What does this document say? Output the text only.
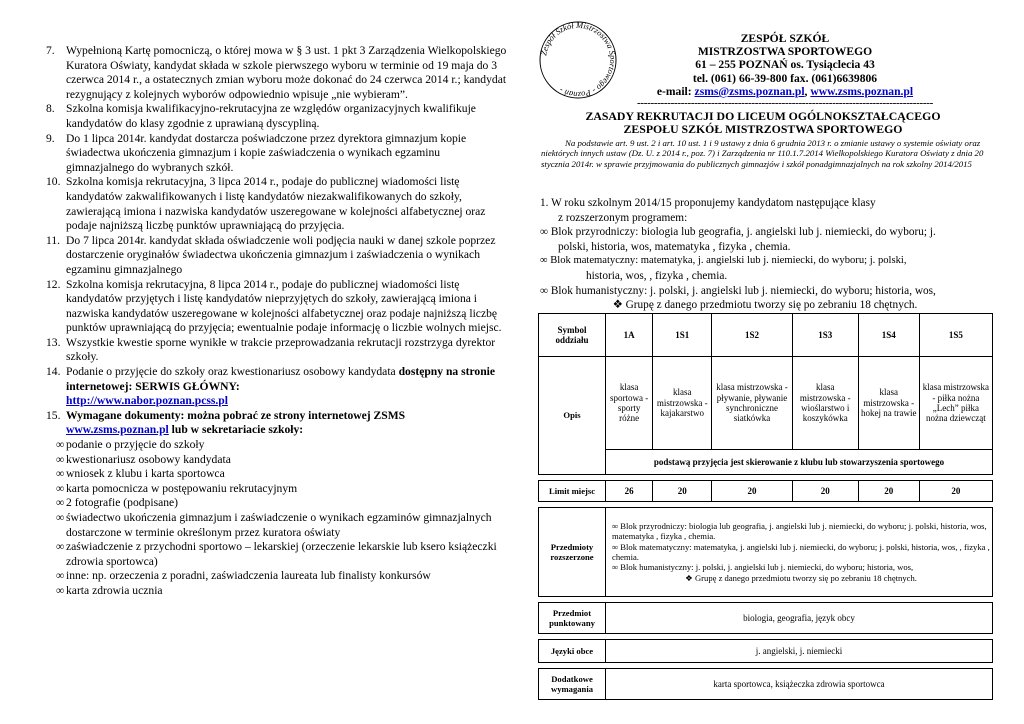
7. Wypełnioną Kartę pomocniczą, o której mowa w § 3 ust. 1 pkt 3 Zarządzenia Wielkopolskiego Kuratora Oświaty, kandydat składa w szkole pierwszego wyboru w terminie od 19 maja do 3 czerwca 2014 r., a ostatecznych zmian wyboru może dokonać do 24 czerwca 2014 r.; kandydat rezygnujący z kolejnych wyborów odpowiednio wpisuje „nie wybieram”.
8. Szkolna komisja kwalifikacyjno-rekrutacyjna ze względów organizacyjnych kwalifikuje kandydatów do klasy zgodnie z uprawianą dyscypliną.
9. Do 1 lipca 2014r. kandydat dostarcza poświadczone przez dyrektora gimnazjum kopie świadectwa ukończenia gimnazjum i kopie zaświadczenia o wynikach egzaminu gimnazjalnego do wybranych szkół.
10. Szkolna komisja rekrutacyjna, 3 lipca 2014 r., podaje do publicznej wiadomości listę kandydatów zakwalifikowanych i listę kandydatów niezakwalifikowanych do szkoły, zawierającą imiona i nazwiska kandydatów uszeregowane w kolejności alfabetycznej oraz podaje najniższą liczbę punktów uprawniającą do przyjęcia.
11. Do 7 lipca 2014r. kandydat składa oświadczenie woli podjęcia nauki w danej szkole poprzez dostarczenie oryginałów świadectwa ukończenia gimnazjum i zaświadczenia o wynikach egzaminu gimnazjalnego
12. Szkolna komisja rekrutacyjna, 8 lipca 2014 r., podaje do publicznej wiadomości listę kandydatów przyjętych i listę kandydatów nieprzyjętych do szkoły, zawierającą imiona i nazwiska kandydatów uszeregowane w kolejności alfabetycznej oraz podaje najniższą liczbę punktów uprawniającą do przyjęcia; ewentualnie podaje informację o liczbie wolnych miejsc.
13. Wszystkie kwestie sporne wynikłe w trakcie przeprowadzania rekrutacji rozstrzyga dyrektor szkoły.
14. Podanie o przyjęcie do szkoły oraz kwestionariusz osobowy kandydata dostępny na stronie internetowej: SERWIS GŁÓWNY:
http://www.nabor.poznan.pcss.pl
15. Wymagane dokumenty: można pobrać ze strony internetowej ZSMS
www.zsms.poznan.pl lub w sekretariacie szkoły:
∞ podanie o przyjęcie do szkoły
∞ kwestionariusz osobowy kandydata
∞ wniosek z klubu i karta sportowca
∞ karta pomocnicza w postępowaniu rekrutacyjnym
∞ 2 fotografie (podpisane)
∞ świadectwo ukończenia gimnazjum i zaświadczenie o wynikach egzaminów gimnazjalnych dostarczone w terminie określonym przez kuratora oświaty
∞ zaświadczenie z przychodni sportowo – lekarskiej (orzeczenie lekarskie lub ksero książeczki zdrowia sportowca)
∞ inne: np. orzeczenia z poradni, zaświadczenia laureata lub finalisty konkursów
∞ karta zdrowia ucznia
Zespół Szkół Mistrzostwa Sportowego - Poznań -
ZESPÓŁ SZKÓŁ
MISTRZOSTWA SPORTOWEGO
61 – 255 POZNAŃ os. Tysiąclecia 43
tel. (061) 66-39-800 fax. (061)6639806
e-mail: zsms@zsms.poznan.pl, www.zsms.poznan.pl
----------------------------------------------------------------------------------------
ZASADY REKRUTACJI DO LICEUM OGÓLNOKSZTAŁCĄCEGO
ZESPOŁU SZKÓŁ MISTRZOSTWA SPORTOWEGO
Na podstawie art. 9 ust. 2 i art. 10 ust. 1 i 9 ustawy z dnia 6 grudnia 2013 r. o zmianie ustawy o systemie oświaty oraz niektórych innych ustaw (Dz. U. z 2014 r., poz. 7) i Zarządzenia nr 110.1.7.2014 Wielkopolskiego Kuratora Oświaty z dnia 20 stycznia 2014r. w sprawie przyjmowania do publicznych gimnazjów i szkół ponadgimnazjalnych na rok szkolny 2014/2015

1. W roku szkolnym 2014/15 proponujemy kandydatom następujące klasy

z rozszerzonym programem:

∞ Blok przyrodniczy: biologia lub geografia, j. angielski lub j. niemiecki, do wyboru; j.

polski, historia, wos, matematyka , fizyka , chemia.

∞ Blok matematyczny: matematyka, j. angielski lub j. niemiecki, do wyboru; j. polski,

historia, wos, , fizyka , chemia.

∞ Blok humanistyczny: j. polski, j. angielski lub j. niemiecki, do wyboru; historia, wos,

❖ Grupę z danego przedmiotu tworzy się po zebraniu 18 chętnych.

Symbol oddziału	1A	1S1	1S2	1S3	1S4	1S5
Opis	klasa sportowa - sporty różne	klasa mistrzowska -kajakarstwo	klasa mistrzowska - pływanie, pływanie synchroniczne siatkówka	klasa mistrzowska - wioślarstwo i koszykówka	klasa mistrzowska - hokej na trawie	klasa mistrzowska - piłka nożna „Lech” piłka nożna dziewcząt
	podstawą przyjęcia jest skierowanie z klubu lub stowarzyszenia sportowego					

Limit miejsc	26	20	20	20	20	20

Przedmioty rozszerzone	∞ Blok przyrodniczy: biologia lub geografia, j. angielski lub j. niemiecki, do wyboru; j. polski, historia, wos, matematyka , fizyka , chemia.
∞ Blok matematyczny: matematyka, j. angielski lub j. niemiecki, do wyboru; j. polski, historia, wos, , fizyka , chemia.
∞ Blok humanistyczny: j. polski, j. angielski lub j. niemiecki, do wyboru; historia, wos,
❖ Grupę z danego przedmiotu tworzy się po zebraniu 18 chętnych.					

Przedmiot punktowany	biologia, geografia, język obcy					

Języki obce	j. angielski, j. niemiecki					

Dodatkowe wymagania	karta sportowca, książeczka zdrowia sportowca					
